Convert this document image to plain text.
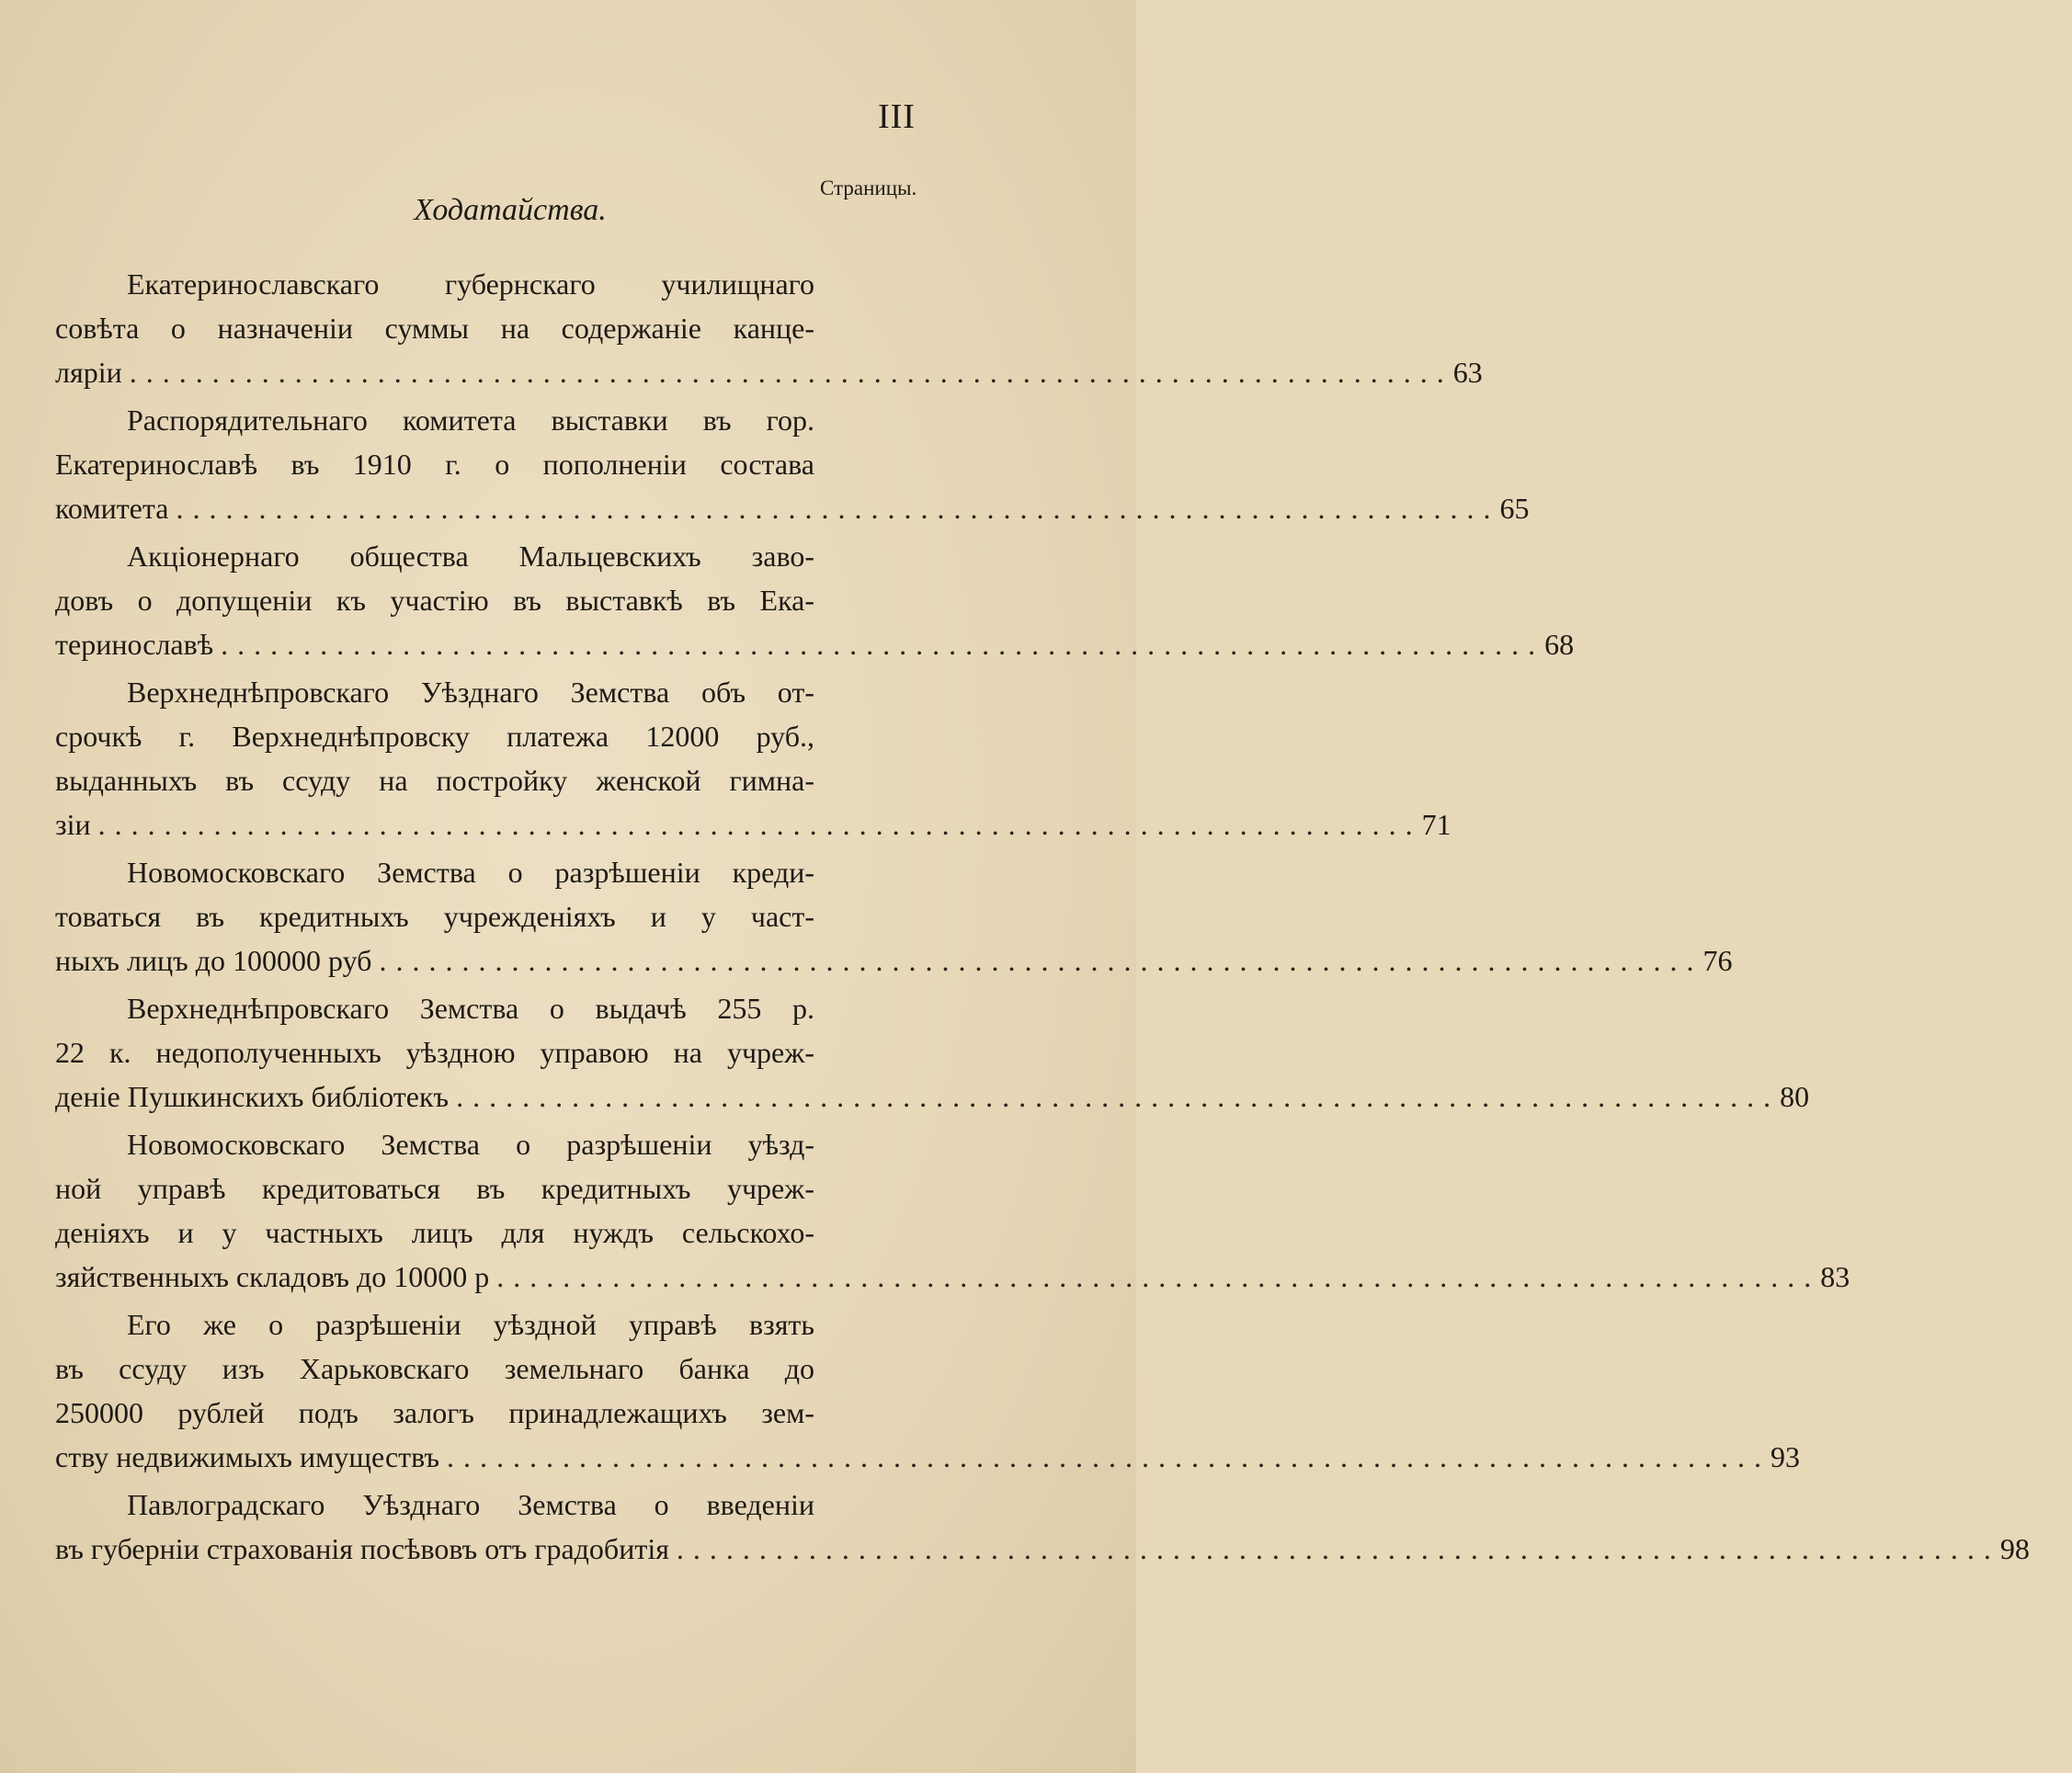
III
Страницы.
Ходатайства.
Екатеринославскаго губернскаго училищнаго
совѣта о назначеніи суммы на содержаніе канце-
ляріи ................................................................................ 63
Распорядительнаго комитета выставки въ гор.
Екатеринославѣ въ 1910 г. о пополненіи состава
комитета ................................................................................ 65
Акціонернаго общества Мальцевскихъ заво-
довъ о допущеніи къ участію въ выставкѣ въ Ека-
теринославѣ ................................................................................ 68
Верхнеднѣпровскаго Уѣзднаго Земства объ от-
срочкѣ г. Верхнеднѣпровску платежа 12000 руб.,
выданныхъ въ ссуду на постройку женской гимна-
зіи ................................................................................ 71
Новомосковскаго Земства о разрѣшеніи креди-
товаться въ кредитныхъ учрежденіяхъ и у част-
ныхъ лицъ до 100000 руб ................................................................................ 76
Верхнеднѣпровскаго Земства о выдачѣ 255 р.
22 к. недополученныхъ уѣздною управою на учреж-
деніе Пушкинскихъ библіотекъ ................................................................................ 80
Новомосковскаго Земства о разрѣшеніи уѣзд-
ной управѣ кредитоваться въ кредитныхъ учреж-
деніяхъ и у частныхъ лицъ для нуждъ сельскохо-
зяйственныхъ складовъ до 10000 р ................................................................................ 83
Его же о разрѣшеніи уѣздной управѣ взять
въ ссуду изъ Харьковскаго земельнаго банка до
250000 рублей подъ залогъ принадлежащихъ зем-
ству недвижимыхъ имуществъ ................................................................................ 93
Павлоградскаго Уѣзднаго Земства о введеніи
въ губерніи страхованія посѣвовъ отъ градобитія ................................................................................ 98
